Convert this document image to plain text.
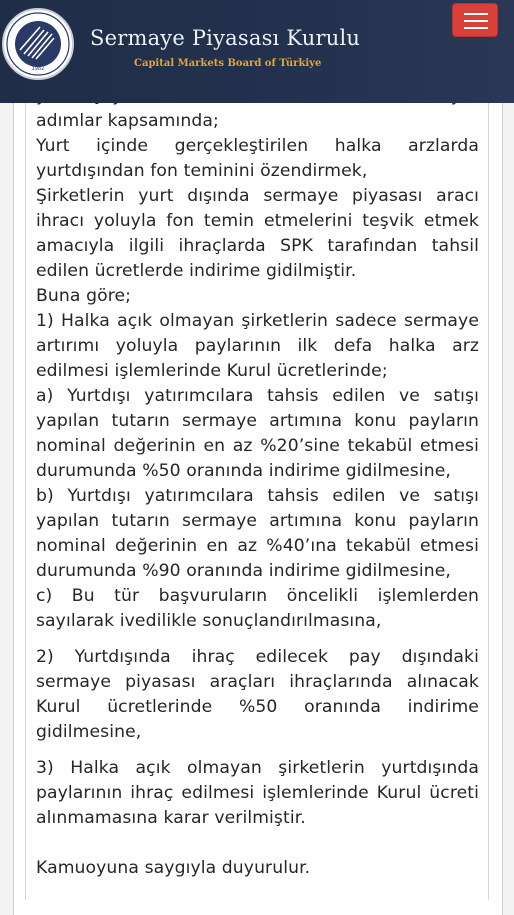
adımlar kapsamında;

Yurt içinde gerçekleştirilen halka arzlarda yurtdışından fon teminini özendirmek,

Şirketlerin yurt dışında sermaye piyasası aracı ihracı yoluyla fon temin etmelerini teşvik etmek amacıyla ilgili ihraçlarda SPK tarafından tahsil edilen ücretlerde indirime gidilmiştir.

Buna göre;

1) Halka açık olmayan şirketlerin sadece sermaye artırımı yoluyla paylarının ilk defa halka arz edilmesi işlemlerinde Kurul ücretlerinde;

a) Yurtdışı yatırımcılara tahsis edilen ve satışı yapılan tutarın sermaye artımına konu payların nominal değerinin en az %20’sine tekabül etmesi durumunda %50 oranında indirime gidilmesine,

b) Yurtdışı yatırımcılara tahsis edilen ve satışı yapılan tutarın sermaye artımına konu payların nominal değerinin en az %40’ına tekabül etmesi durumunda %90 oranında indirime gidilmesine,

c) Bu tür başvuruların öncelikli işlemlerden sayılarak ivedilikle sonuçlandırılmasına,

2) Yurtdışında ihraç edilecek pay dışındaki sermaye piyasası araçları ihraçlarında alınacak Kurul ücretlerinde %50 oranında indirime gidilmesine,

3) Halka açık olmayan şirketlerin yurtdışında paylarının ihraç edilmesi işlemlerinde Kurul ücreti alınmamasına karar verilmiştir.

Kamuoyuna saygıyla duyurulur.

1982
Sermaye Piyasası Kurulu
Capital Markets Board of Türkiye
